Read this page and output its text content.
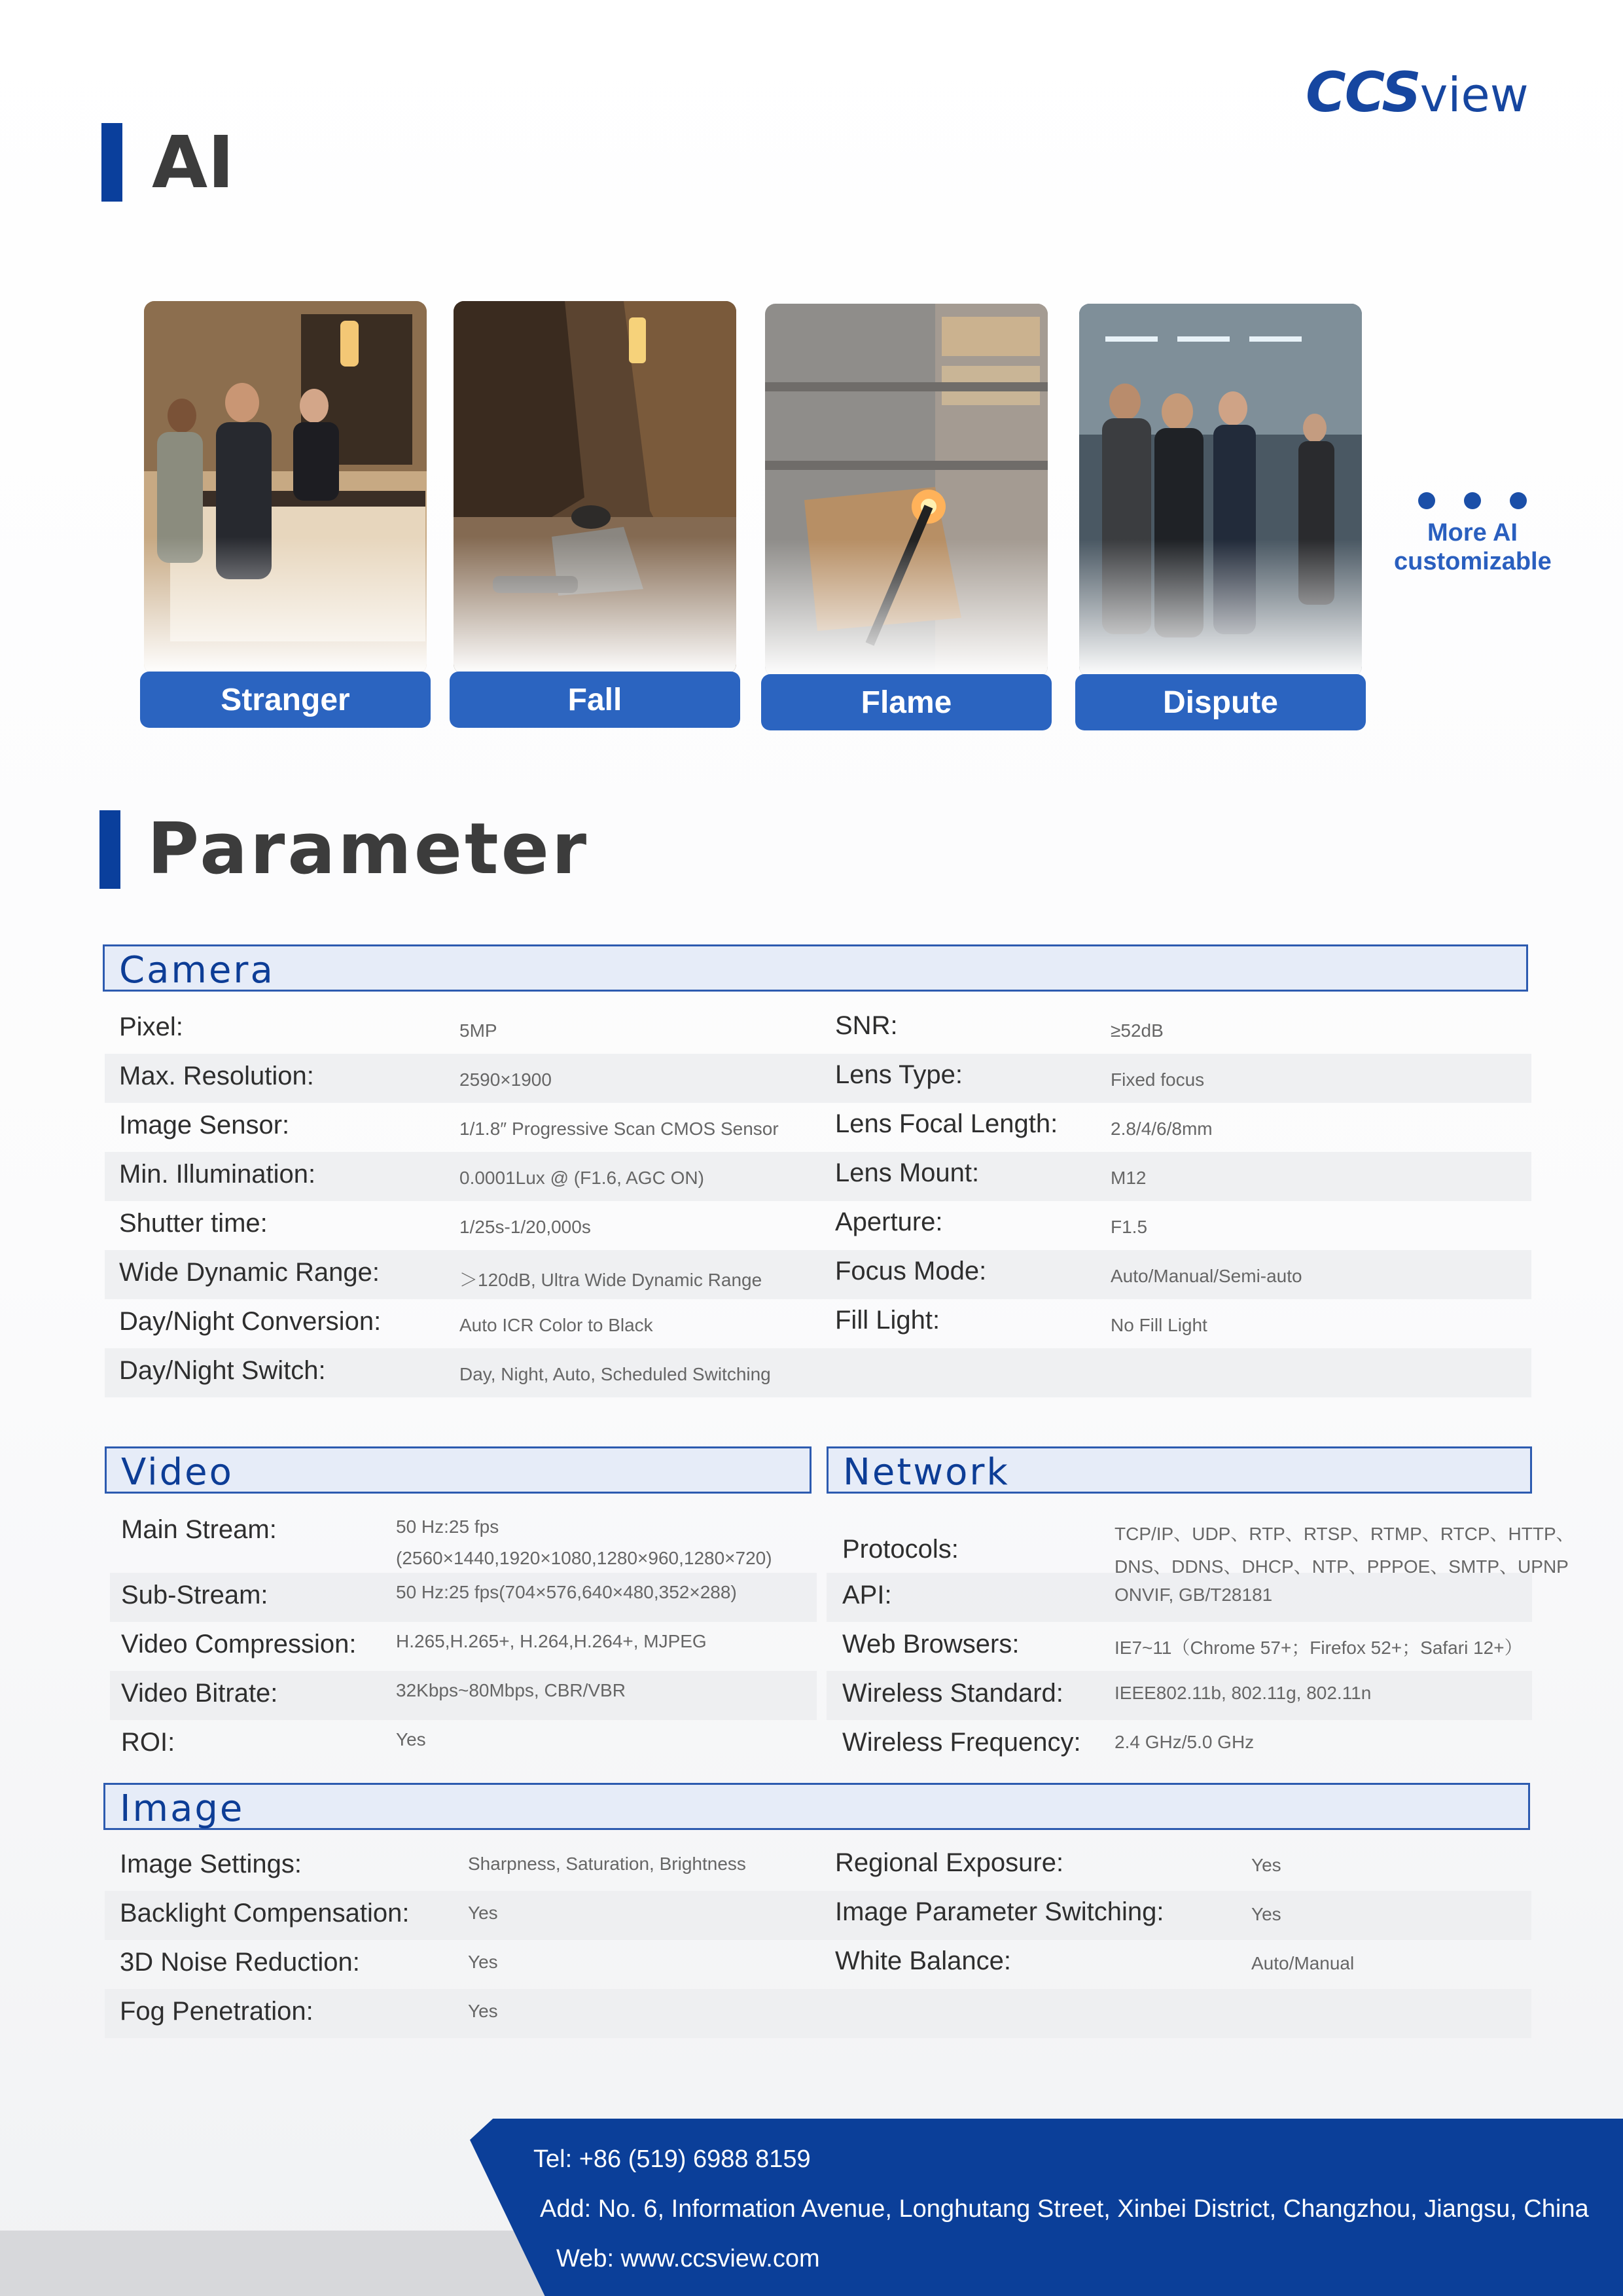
CCSview
AI
Stranger	Fall	Flame	Dispute
More AI
customizable
Parameter
Camera
Video	Network
Image
Pixel:	5MP
Max. Resolution:	2590×1900
Image Sensor:	1/1.8″ Progressive Scan CMOS Sensor
Min. Illumination:	0.0001Lux @ (F1.6, AGC ON)
Shutter time:	1/25s-1/20,000s
Wide Dynamic Range:	＞120dB, Ultra Wide Dynamic Range
Day/Night Conversion:	Auto ICR Color to Black
Day/Night Switch:	Day, Night, Auto, Scheduled Switching
SNR:	≥52dB
Lens Type:	Fixed focus
Lens Focal Length:	2.8/4/6/8mm
Lens Mount:	M12
Aperture:	F1.5
Focus Mode:	Auto/Manual/Semi-auto
Fill Light:	No Fill Light
Main Stream:	50 Hz:25 fps
(2560×1440,1920×1080,1280×960,1280×720)
Sub-Stream:	50 Hz:25 fps(704×576,640×480,352×288)
Video Compression: H.265,H.265+, H.264,H.264+, MJPEG
Video Bitrate:	32Kbps~80Mbps, CBR/VBR
ROI:	Yes
Protocols:
TCP/IP、UDP、RTP、RTSP、RTMP、RTCP、HTTP、
DNS、DDNS、DHCP、NTP、PPPOE、SMTP、UPNP
API:	ONVIF, GB/T28181
Web Browsers:	IE7~11（Chrome 57+；Firefox 52+；Safari 12+）
Wireless Standard:	IEEE802.11b, 802.11g, 802.11n
Wireless Frequency: 2.4 GHz/5.0 GHz
Image Settings:	Sharpness, Saturation, Brightness
Backlight Compensation:	Yes
3D Noise Reduction:	Yes
Fog Penetration:	Yes
Regional Exposure:	Yes
Image Parameter Switching:	Yes
White Balance:	Auto/Manual
Tel: +86 (519) 6988 8159
Add: No. 6, Information Avenue, Longhutang Street, Xinbei District, Changzhou, Jiangsu, China
Web: www.ccsview.com
